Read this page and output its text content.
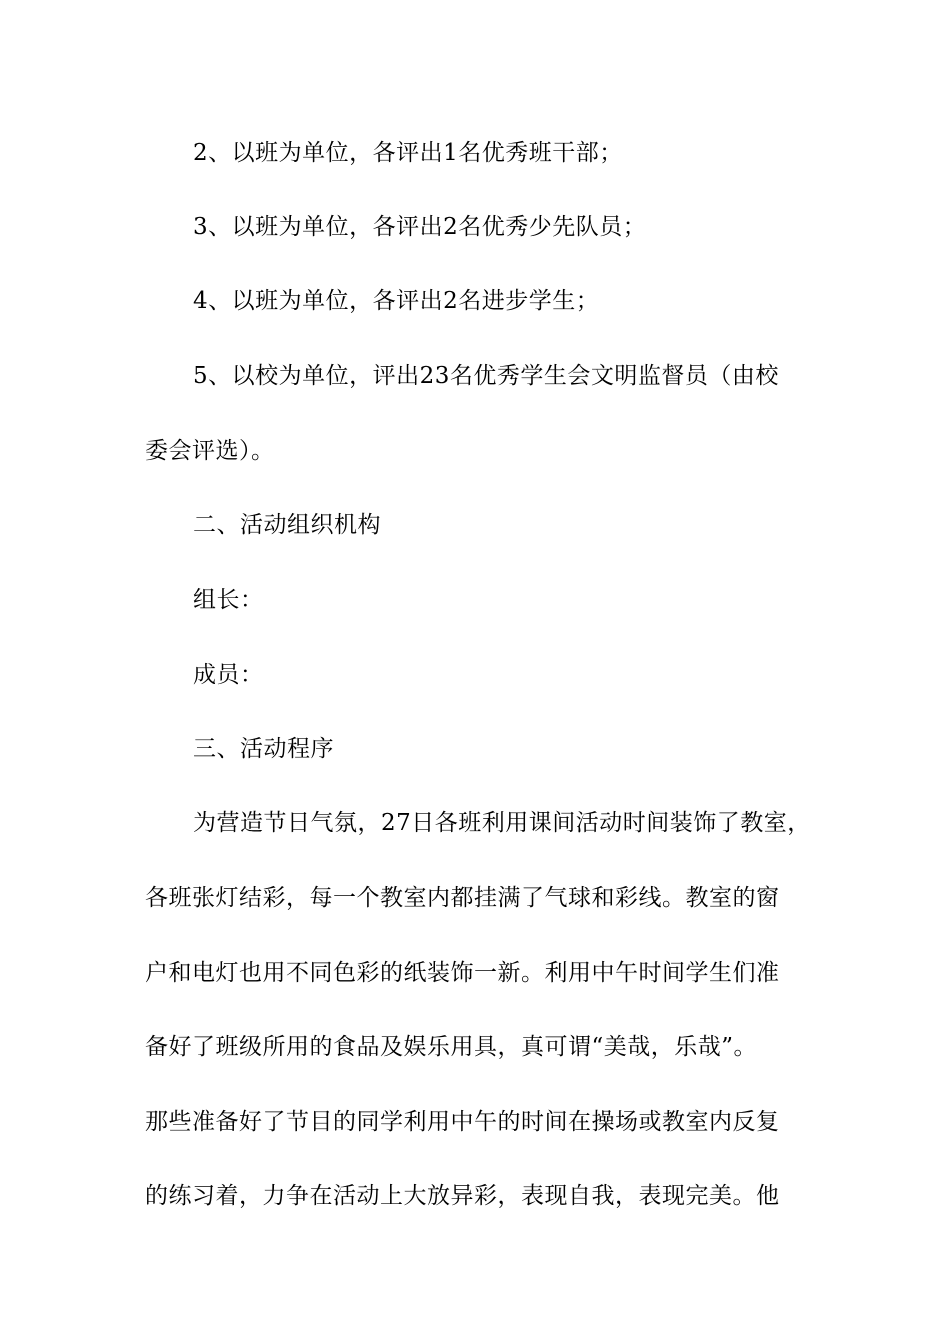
2、以班为单位，各评出1名优秀班干部；
3、以班为单位，各评出2名优秀少先队员；
4、以班为单位，各评出2名进步学生；
5、以校为单位，评出23名优秀学生会文明监督员（由校
委会评选）。
二、活动组织机构
组长：
成员：
三、活动程序
为营造节日气氛，27日各班利用课间活动时间装饰了教室，
各班张灯结彩，每一个教室内都挂满了气球和彩线。教室的窗
户和电灯也用不同色彩的纸装饰一新。利用中午时间学生们准
备好了班级所用的食品及娱乐用具，真可谓“美哉，乐哉”。
那些准备好了节目的同学利用中午的时间在操场或教室内反复
的练习着，力争在活动上大放异彩，表现自我，表现完美。他
